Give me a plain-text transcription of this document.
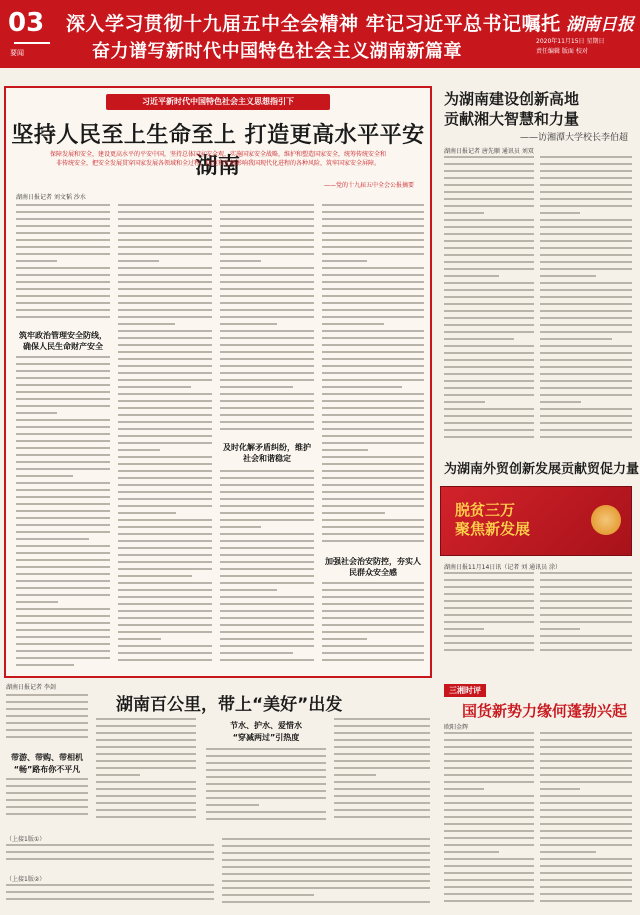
03
要闻
深入学习贯彻十九届五中全会精神 牢记习近平总书记嘱托
奋力谱写新时代中国特色社会主义湖南新篇章
湖南日报
2020年11月15日 星期日
责任编辑 版面 校对
习近平新时代中国特色社会主义思想指引下
坚持人民至上生命至上 打造更高水平平安湖南
保障发展和安全，建设更高水平的平安中国，坚持总体国家安全观，实施国家安全战略，维护和塑造国家安全，统筹传统安全和非传统安全，把安全发展贯穿国家发展各领域和全过程，防范和化解影响我国现代化进程的各种风险，筑牢国家安全屏障。
——党的十九届五中全会公报摘要
湖南日报记者 刘文韬 沙水
筑牢政治管理安全防线，确保人民生命财产安全
及时化解矛盾纠纷，维护社会和谐稳定
加强社会治安防控，夯实人民群众安全感
为湖南建设创新高地
贡献湘大智慧和力量
——访湘潭大学校长李伯超
湖南日报记者 唐先顺 通讯员 刘双
为湖南外贸创新发展贡献贸促力量
脱贫三万
聚焦新发展
湖南日报11月14日讯（记者 刘 通讯员 涂）
湖南日报记者 李剑
带游、带购、带相机
“畅”路布你不平凡
湖南百公里，带上“美好”出发
节水、护水、爱惜水
“穿减两过”引热度
三湘时评
国货新势力缘何蓬勃兴起
欧阳金辉
（上接1版①）
（上接1版②）
